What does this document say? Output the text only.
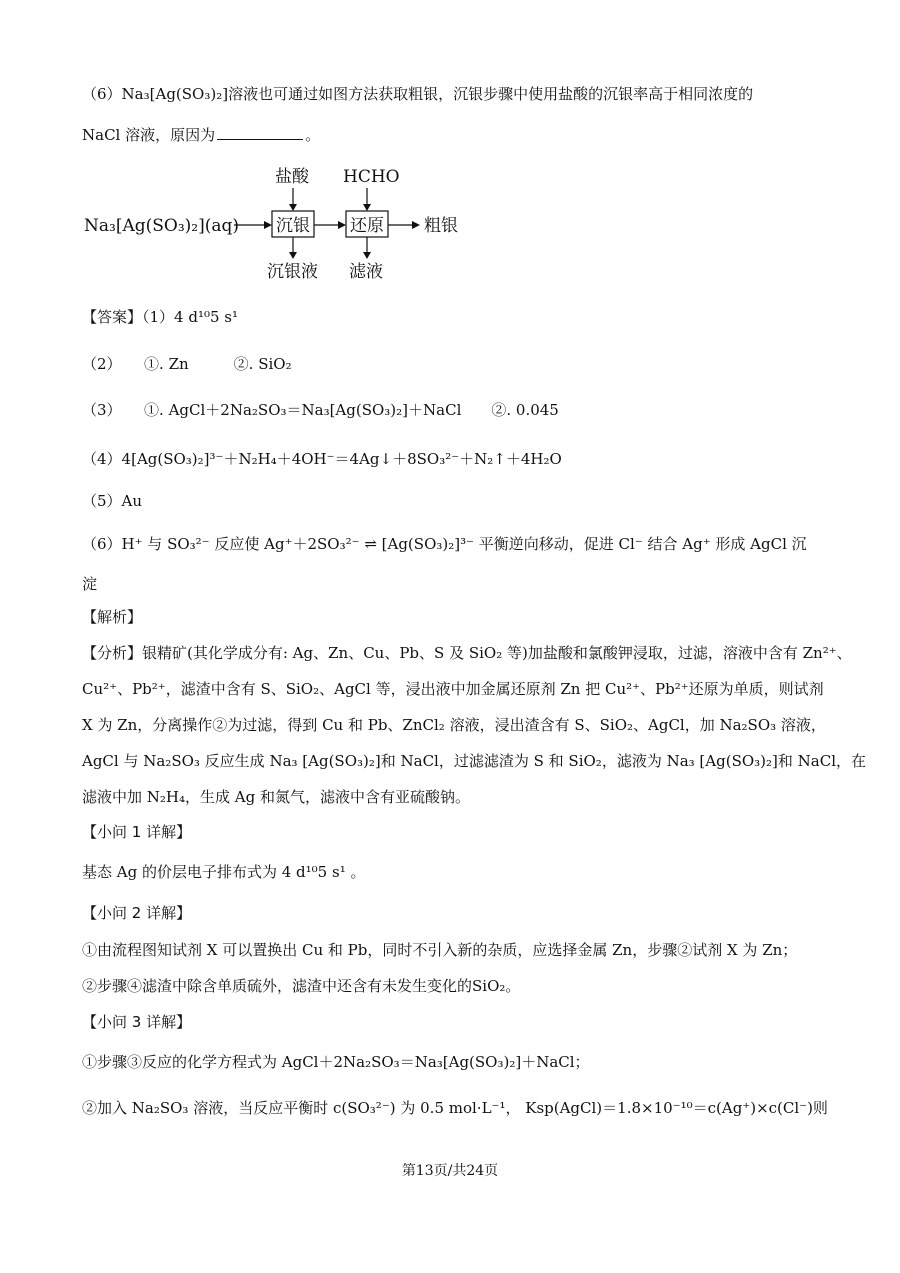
（6）Na₃[Ag(SO₃)₂]溶液也可通过如图方法获取粗银，沉银步骤中使用盐酸的沉银率高于相同浓度的
NaCl 溶液，原因为	。
Na₃[Ag(SO₃)₂](aq) 沉银
盐酸
沉银液
还原
HCHO
滤液
粗银
【答案】（1）4 d¹⁰5 s¹
（2）　　①. Zn　　　②. SiO₂
（3）　　①. AgCl＋2Na₂SO₃＝Na₃[Ag(SO₃)₂]＋NaCl　　②. 0.045
（4）4[Ag(SO₃)₂]³⁻＋N₂H₄＋4OH⁻＝4Ag↓＋8SO₃²⁻＋N₂↑＋4H₂O
（5）Au
（6）H⁺ 与 SO₃²⁻ 反应使 Ag⁺＋2SO₃²⁻ ⇌ [Ag(SO₃)₂]³⁻ 平衡逆向移动，促进 Cl⁻ 结合 Ag⁺ 形成 AgCl 沉
淀
【解析】
【分析】银精矿(其化学成分有: Ag、Zn、Cu、Pb、S 及 SiO₂ 等)加盐酸和氯酸钾浸取，过滤，溶液中含有 Zn²⁺、
Cu²⁺、Pb²⁺，滤渣中含有 S、SiO₂、AgCl 等，浸出液中加金属还原剂 Zn 把 Cu²⁺、Pb²⁺还原为单质，则试剂
X 为 Zn，分离操作②为过滤，得到 Cu 和 Pb、ZnCl₂ 溶液，浸出渣含有 S、SiO₂、AgCl，加 Na₂SO₃ 溶液，
AgCl 与 Na₂SO₃ 反应生成 Na₃ [Ag(SO₃)₂]和 NaCl，过滤滤渣为 S 和 SiO₂，滤液为 Na₃ [Ag(SO₃)₂]和 NaCl，在
滤液中加 N₂H₄，生成 Ag 和氮气，滤液中含有亚硫酸钠。
【小问 1 详解】
基态 Ag 的价层电子排布式为 4 d¹⁰5 s¹ 。
【小问 2 详解】
①由流程图知试剂 X 可以置换出 Cu 和 Pb，同时不引入新的杂质，应选择金属 Zn，步骤②试剂 X 为 Zn；
②步骤④滤渣中除含单质硫外，滤渣中还含有未发生变化的SiO₂。
【小问 3 详解】
①步骤③反应的化学方程式为 AgCl＋2Na₂SO₃＝Na₃[Ag(SO₃)₂]＋NaCl；
②加入 Na₂SO₃ 溶液，当反应平衡时 c(SO₃²⁻) 为 0.5 mol·L⁻¹， Ksp(AgCl)＝1.8×10⁻¹⁰＝c(Ag⁺)×c(Cl⁻)则
第13页/共24页
